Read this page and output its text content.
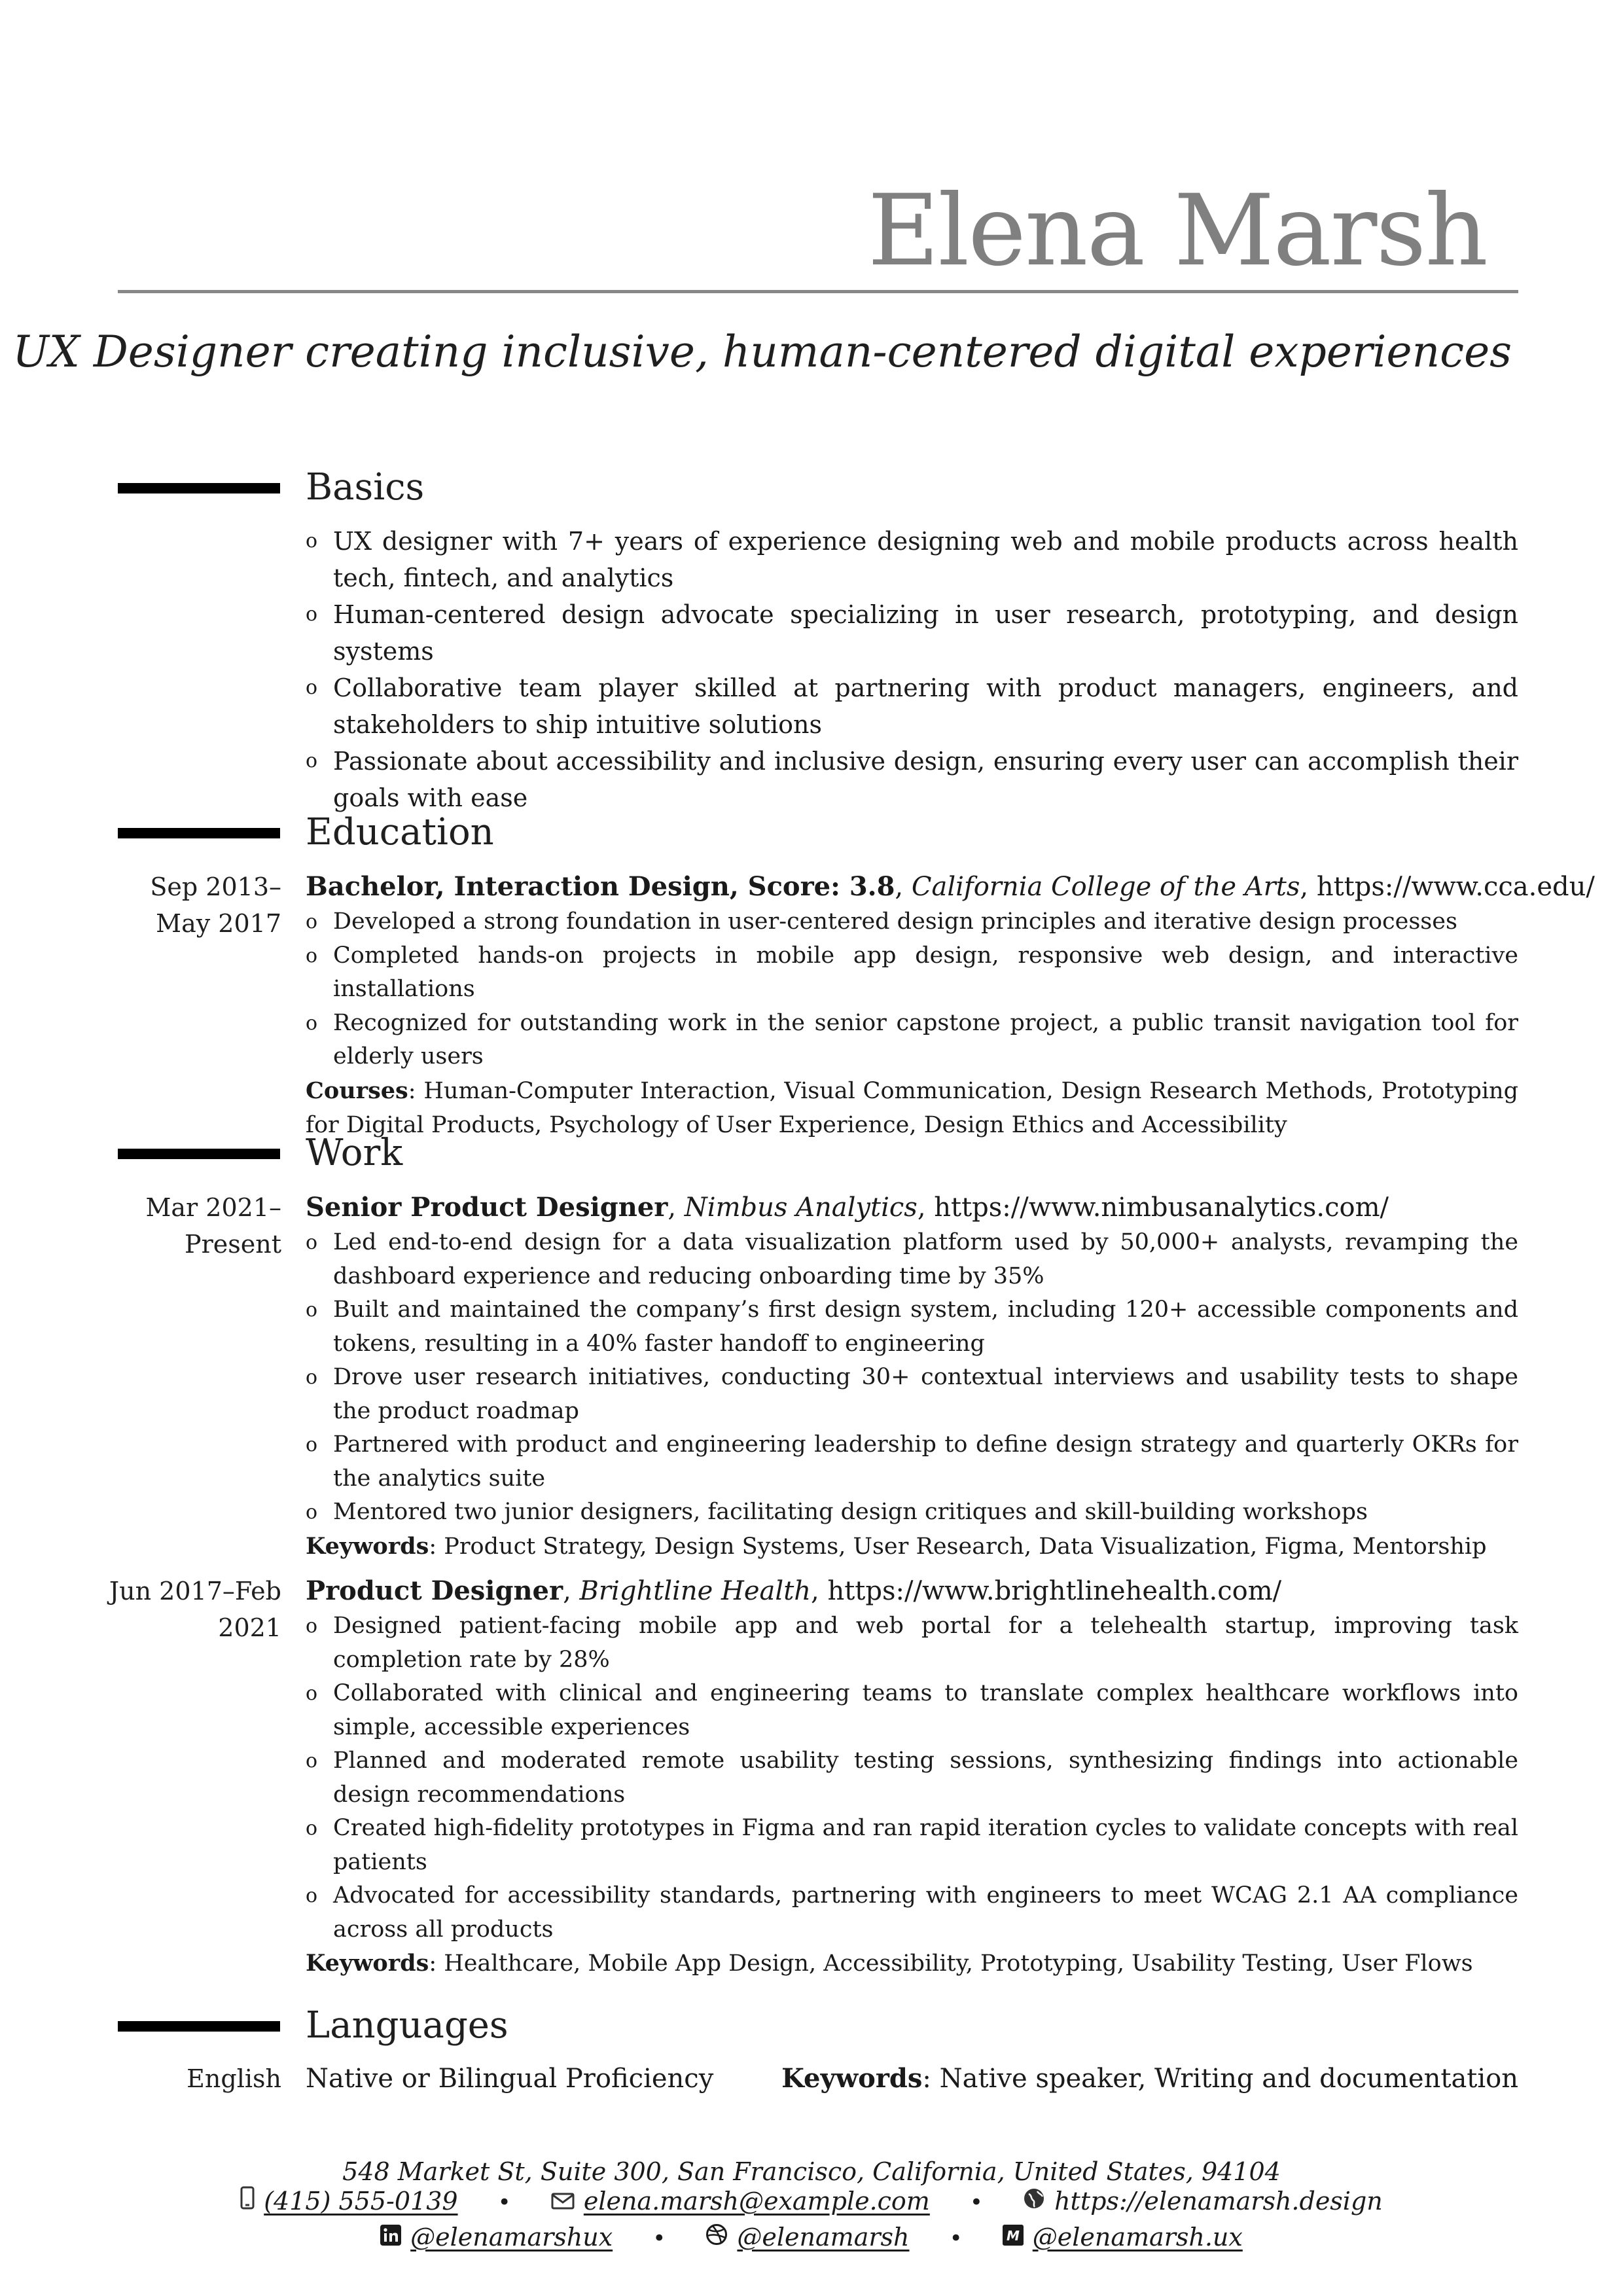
Elena Marsh
UX Designer creating inclusive, human-centered digital experiences
Basics
o UX designer with 7+ years of experience designing web and mobile products across health tech, fintech, and analytics
o Human-centered design advocate specializing in user research, prototyping, and design systems
o Collaborative team player skilled at partnering with product managers, engineers, and stakeholders to ship intuitive solutions
o Passionate about accessibility and inclusive design, ensuring every user can accomplish their goals with ease
Education
Sep 2013–
May 2017

Bachelor, Interaction Design, Score: 3.8, California College of the Arts, https://www.cca.edu/

o Developed a strong foundation in user-centered design principles and iterative design processes
o Completed hands-on projects in mobile app design, responsive web design, and interactive installations
o Recognized for outstanding work in the senior capstone project, a public transit navigation tool for elderly users

Courses: Human-Computer Interaction, Visual Communication, Design Research Methods, Prototyping for Digital Products, Psychology of User Experience, Design Ethics and Accessibility

Work
Mar 2021–
Present

Senior Product Designer, Nimbus Analytics, https://www.nimbusanalytics.com/

o Led end-to-end design for a data visualization platform used by 50,000+ analysts, revamping the dashboard experience and reducing onboarding time by 35%
o Built and maintained the company’s first design system, including 120+ accessible components and tokens, resulting in a 40% faster handoff to engineering
o Drove user research initiatives, conducting 30+ contextual interviews and usability tests to shape the product roadmap
o Partnered with product and engineering leadership to define design strategy and quarterly OKRs for the analytics suite
o Mentored two junior designers, facilitating design critiques and skill-building workshops

Keywords: Product Strategy, Design Systems, User Research, Data Visualization, Figma, Mentorship

Jun 2017–Feb
2021

Product Designer, Brightline Health, https://www.brightlinehealth.com/

o Designed patient-facing mobile app and web portal for a telehealth startup, improving task completion rate by 28%
o Collaborated with clinical and engineering teams to translate complex healthcare workflows into simple, accessible experiences
o Planned and moderated remote usability testing sessions, synthesizing findings into actionable design recommendations
o Created high-fidelity prototypes in Figma and ran rapid iteration cycles to validate concepts with real patients
o Advocated for accessibility standards, partnering with engineers to meet WCAG 2.1 AA compliance across all products

Keywords: Healthcare, Mobile App Design, Accessibility, Prototyping, Usability Testing, User Flows

Languages
English Native or Bilingual Proficiency	Keywords: Native speaker, Writing and documentation
548 Market St, Suite 300, San Francisco, California, United States, 94104
(415) 555-0139 •	elena.marsh@example.com •	https://elenamarsh.design
@elenamarshux •	@elenamarsh •	M @elenamarsh.ux
